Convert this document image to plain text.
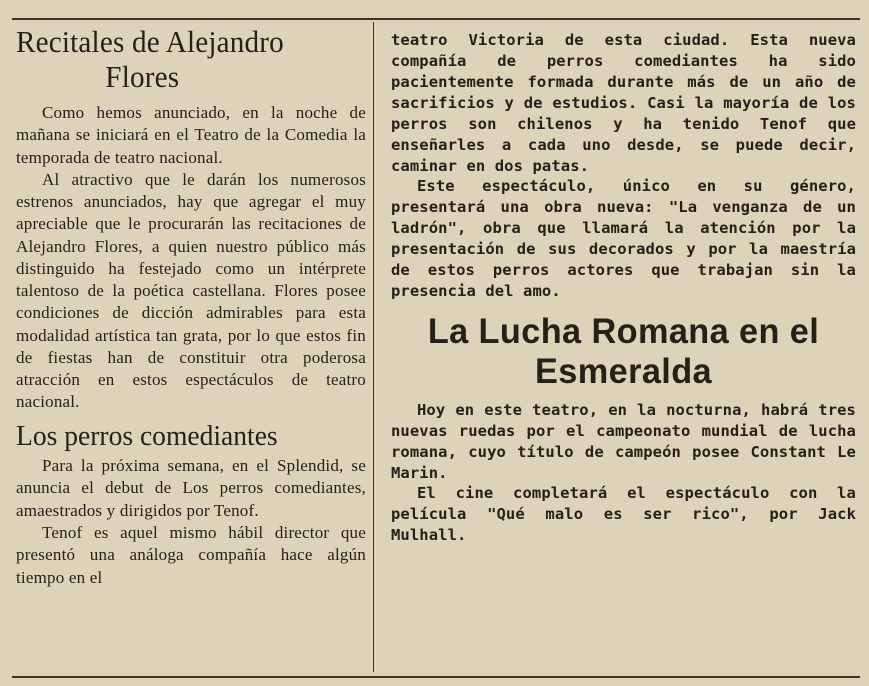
Recitales de Alejandro
Flores

Como hemos anunciado, en la noche de mañana se iniciará en el Teatro de la Comedia la temporada de teatro nacional.

Al atractivo que le darán los numerosos estrenos anunciados, hay que agregar el muy apreciable que le procurarán las recitaciones de Alejandro Flores, a quien nuestro público más distinguido ha festejado como un intérprete talentoso de la poética castellana. Flores posee condiciones de dicción admirables para esta modalidad artística tan grata, por lo que estos fin de fiestas han de constituir otra poderosa atracción en estos espectáculos de teatro nacional.

Los perros comediantes

Para la próxima semana, en el Splendid, se anuncia el debut de Los perros comediantes, amaestrados y dirigidos por Tenof.

Tenof es aquel mismo hábil director que presentó una análoga compañía hace algún tiempo en el

teatro Victoria de esta ciudad. Esta nueva compañía de perros comediantes ha sido pacientemente formada durante más de un año de sacrificios y de estudios. Casi la mayoría de los perros son chilenos y ha tenido Tenof que enseñarles a cada uno desde, se puede decir, caminar en dos patas.

Este espectáculo, único en su género, presentará una obra nueva: "La venganza de un ladrón", obra que llamará la atención por la presentación de sus decorados y por la maestría de estos perros actores que trabajan sin la presencia del amo.

La Lucha Romana en el Esmeralda

Hoy en este teatro, en la nocturna, habrá tres nuevas ruedas por el campeonato mundial de lucha romana, cuyo título de campeón posee Constant Le Marin.

El cine completará el espectáculo con la película "Qué malo es ser rico", por Jack Mulhall.
